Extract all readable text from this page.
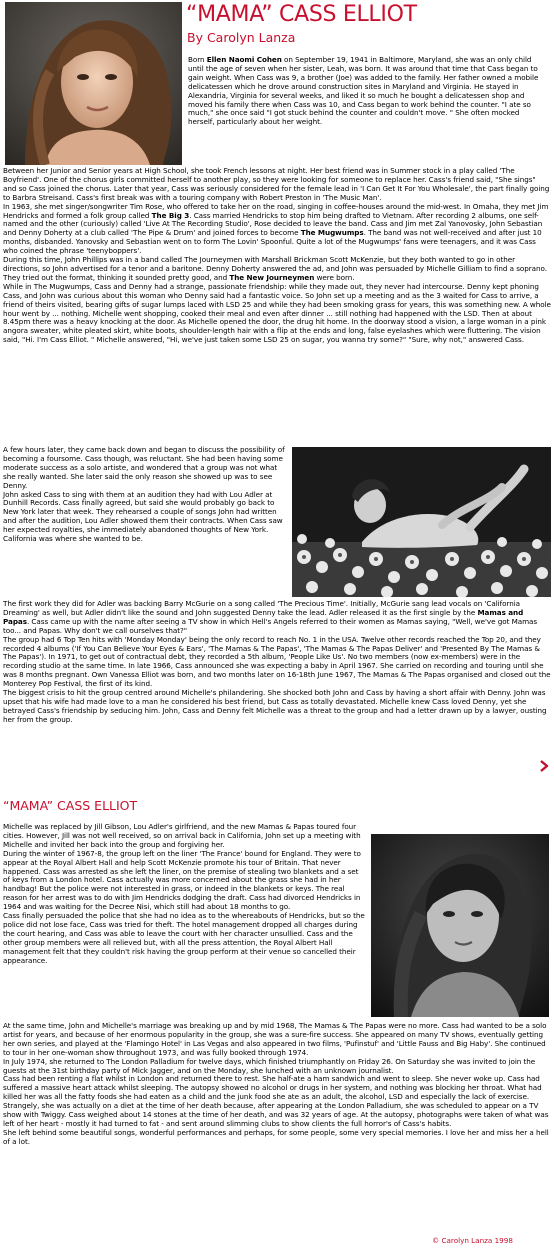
“MAMA” CASS ELLIOT
By Carolyn Lanza

Born Ellen Naomi Cohen on September 19, 1941 in Baltimore, Maryland, she was an only child until the age of seven when her sister, Leah, was born. It was around that time that Cass began to gain weight. When Cass was 9, a brother (Joe) was added to the family. Her father owned a mobile delicatessen which he drove around construction sites in Maryland and Virginia. He stayed in Alexandria, Virginia for several weeks, and liked it so much he bought a delicatessen shop and moved his family there when Cass was 10, and Cass began to work behind the counter. "I ate so much," she once said "I got stuck behind the counter and couldn't move. " She often mocked herself, particularly about her weight.

Between her Junior and Senior years at High School, she took French lessons at night. Her best friend was in Summer stock in a play called 'The Boyfriend'. One of the chorus girls committed herself to another play, so they were looking for someone to replace her. Cass's friend said, "She sings" and so Cass joined the chorus. Later that year, Cass was seriously considered for the female lead in 'I Can Get It For You Wholesale', the part finally going to Barbra Streisand. Cass's first break was with a touring company with Robert Preston in 'The Music Man'.

In 1963, she met singer/songwriter Tim Rose, who offered to take her on the road, singing in coffee-houses around the mid-west. In Omaha, they met Jim Hendricks and formed a folk group called The Big 3. Cass married Hendricks to stop him being drafted to Vietnam. After recording 2 albums, one self-named and the other (curiously) called 'Live At The Recording Studio', Rose decided to leave the band. Cass and Jim met Zal Yanovosky, John Sebastian and Denny Doherty at a club called 'The Pipe & Drum' and joined forces to become The Mugwumps. The band was not well-received and after just 10 months, disbanded. Yanovsky and Sebastian went on to form The Lovin' Spoonful. Quite a lot of the Mugwumps' fans were teenagers, and it was Cass who coined the phrase 'teenyboppers'.

During this time, John Phillips was in a band called The Journeymen with Marshall Brickman Scott McKenzie, but they both wanted to go in other directions, so John advertised for a tenor and a baritone. Denny Doherty answered the ad, and John was persuaded by Michelle Gilliam to find a soprano. They tried out the format, thinking it sounded pretty good, and The New Journeymen were born.

While in The Mugwumps, Cass and Denny had a strange, passionate friendship: while they made out, they never had intercourse. Denny kept phoning Cass, and John was curious about this woman who Denny said had a fantastic voice. So John set up a meeting and as the 3 waited for Cass to arrive, a friend of theirs visited, bearing gifts of sugar lumps laced with LSD 25 and while they had been smoking grass for years, this was something new. A whole hour went by ... nothing. Michelle went shopping, cooked their meal and even after dinner ... still nothing had happened with the LSD. Then at about 8.45pm there was a heavy knocking at the door. As Michelle opened the door, the drug hit home. In the doorway stood a vision, a large woman in a pink angora sweater, white pleated skirt, white boots, shoulder-length hair with a flip at the ends and long, false eyelashes which were fluttering. The vision said, "Hi. I'm Cass Elliot. " Michelle answered, "Hi, we've just taken some LSD 25 on sugar, you wanna try some?" "Sure, why not," answered Cass.

A few hours later, they came back down and began to discuss the possibility of becoming a foursome. Cass though, was reluctant. She had been having some moderate success as a solo artiste, and wondered that a group was not what she really wanted. She later said the only reason she showed up was to see Denny.

John asked Cass to sing with them at an audition they had with Lou Adler at Dunhill Records. Cass finally agreed, but said she would probably go back to New York later that week. They rehearsed a couple of songs John had written and after the audition, Lou Adler showed them their contracts. When Cass saw her expected royalties, she immediately abandoned thoughts of New York. California was where she wanted to be.

The first work they did for Adler was backing Barry McGurie on a song called 'The Precious Time'. Initially, McGurie sang lead vocals on 'California Dreaming' as well, but Adler didn't like the sound and John suggested Denny take the lead. Adler released it as the first single by the Mamas and Papas. Cass came up with the name after seeing a TV show in which Hell's Angels referred to their women as Mamas saying, "Well, we've got Mamas too... and Papas. Why don't we call ourselves that?"

The group had 6 Top Ten hits with 'Monday Monday' being the only record to reach No. 1 in the USA. Twelve other records reached the Top 20, and they recorded 4 albums ('If You Can Believe Your Eyes & Ears', 'The Mamas & The Papas', 'The Mamas & The Papas Deliver' and 'Presented By The Mamas & The Papas'). In 1971, to get out of contractual debt, they recorded a 5th album, 'People Like Us'. No two members (now ex-members) were in the recording studio at the same time. In late 1966, Cass announced she was expecting a baby in April 1967. She carried on recording and touring until she was 8 months pregnant. Own Vanessa Elliot was born, and two months later on 16-18th June 1967, The Mamas & The Papas organised and closed out the Monterey Pop Festival, the first of its kind.

The biggest crisis to hit the group centred around Michelle's philandering. She shocked both John and Cass by having a short affair with Denny. John was upset that his wife had made love to a man he considered his best friend, but Cass as totally devastated. Michelle knew Cass loved Denny, yet she betrayed Cass's friendship by seducing him. John, Cass and Denny felt Michelle was a threat to the group and had a letter drawn up by a lawyer, ousting her from the group.

“MAMA” CASS ELLIOT

Michelle was replaced by Jill Gibson, Lou Adler's girlfriend, and the new Mamas & Papas toured four cities. However, Jill was not well received, so on arrival back in California, John set up a meeting with Michelle and invited her back into the group and forgiving her.

During the winter of 1967-8, the group left on the liner 'The France' bound for England. They were to appear at the Royal Albert Hall and help Scott McKenzie promote his tour of Britain. That never happened. Cass was arrested as she left the liner, on the premise of stealing two blankets and a set of keys from a London hotel. Cass actually was more concerned about the grass she had in her handbag! But the police were not interested in grass, or indeed in the blankets or keys. The real reason for her arrest was to do with Jim Hendricks dodging the draft. Cass had divorced Hendricks in 1964 and was waiting for the Decree Nisi, which still had about 18 months to go.

Cass finally persuaded the police that she had no idea as to the whereabouts of Hendricks, but so the police did not lose face, Cass was tried for theft. The hotel management dropped all charges during the court hearing, and Cass was able to leave the court with her character unsullied. Cass and the other group members were all relieved but, with all the press attention, the Royal Albert Hall management felt that they couldn't risk having the group perform at their venue so cancelled their appearance.

At the same time, John and Michelle's marriage was breaking up and by mid 1968, The Mamas & The Papas were no more. Cass had wanted to be a solo artist for years, and because of her enormous popularity in the group, she was a sure-fire success. She appeared on many TV shows, eventually getting her own series, and played at the 'Flamingo Hotel' in Las Vegas and also appeared in two films, 'Pufinstuf' and 'Little Fauss and Big Haby'. She continued to tour in her one-woman show throughout 1973, and was fully booked through 1974.

In July 1974, she returned to The London Palladium for twelve days, which finished triumphantly on Friday 26. On Saturday she was invited to join the guests at the 31st birthday party of Mick Jagger, and on the Monday, she lunched with an unknown journalist.

Cass had been renting a flat whilst in London and returned there to rest. She half-ate a ham sandwich and went to sleep. She never woke up. Cass had suffered a massive heart attack whilst sleeping. The autopsy showed no alcohol or drugs in her system, and nothing was blocking her throat. What had killed her was all the fatty foods she had eaten as a child and the junk food she ate as an adult, the alcohol, LSD and especially the lack of exercise.

Strangely, she was actually on a diet at the time of her death because, after appearing at the London Palladium, she was scheduled to appear on a TV show with Twiggy. Cass weighed about 14 stones at the time of her death, and was 32 years of age. At the autopsy, photographs were taken of what was left of her heart - mostly it had turned to fat - and sent around slimming clubs to show clients the full horror's of Cass's habits.

She left behind some beautiful songs, wonderful performances and perhaps, for some people, some very special memories. I love her and miss her a hell of a lot.

© Carolyn Lanza 1998
